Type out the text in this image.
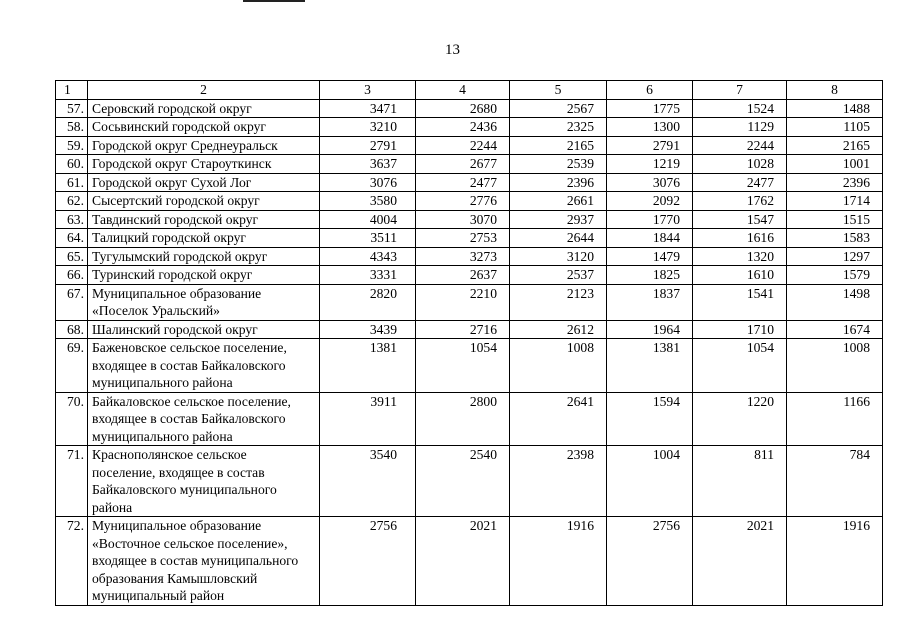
13
1	2	3	4	5	6	7	8
57.	Серовский городской округ	3471	2680	2567	1775	1524	1488
58.	Сосьвинский городской округ	3210	2436	2325	1300	1129	1105
59.	Городской округ Среднеуральск	2791	2244	2165	2791	2244	2165
60.	Городской округ Староуткинск	3637	2677	2539	1219	1028	1001
61.	Городской округ Сухой Лог	3076	2477	2396	3076	2477	2396
62.	Сысертский городской округ	3580	2776	2661	2092	1762	1714
63.	Тавдинский городской округ	4004	3070	2937	1770	1547	1515
64.	Талицкий городской округ	3511	2753	2644	1844	1616	1583
65.	Тугулымский городской округ	4343	3273	3120	1479	1320	1297
66.	Туринский городской округ	3331	2637	2537	1825	1610	1579
67.	Муниципальное образование
«Поселок Уральский»	2820	2210	2123	1837	1541	1498
68.	Шалинский городской округ	3439	2716	2612	1964	1710	1674
69.	Баженовское сельское поселение,
входящее в состав Байкаловского
муниципального района	1381	1054	1008	1381	1054	1008
70.	Байкаловское сельское поселение,
входящее в состав Байкаловского
муниципального района	3911	2800	2641	1594	1220	1166
71.	Краснополянское сельское
поселение, входящее в состав
Байкаловского муниципального
района	3540	2540	2398	1004	811	784
72.	Муниципальное образование
«Восточное сельское поселение»,
входящее в состав муниципального
образования Камышловский
муниципальный район	2756	2021	1916	2756	2021	1916
